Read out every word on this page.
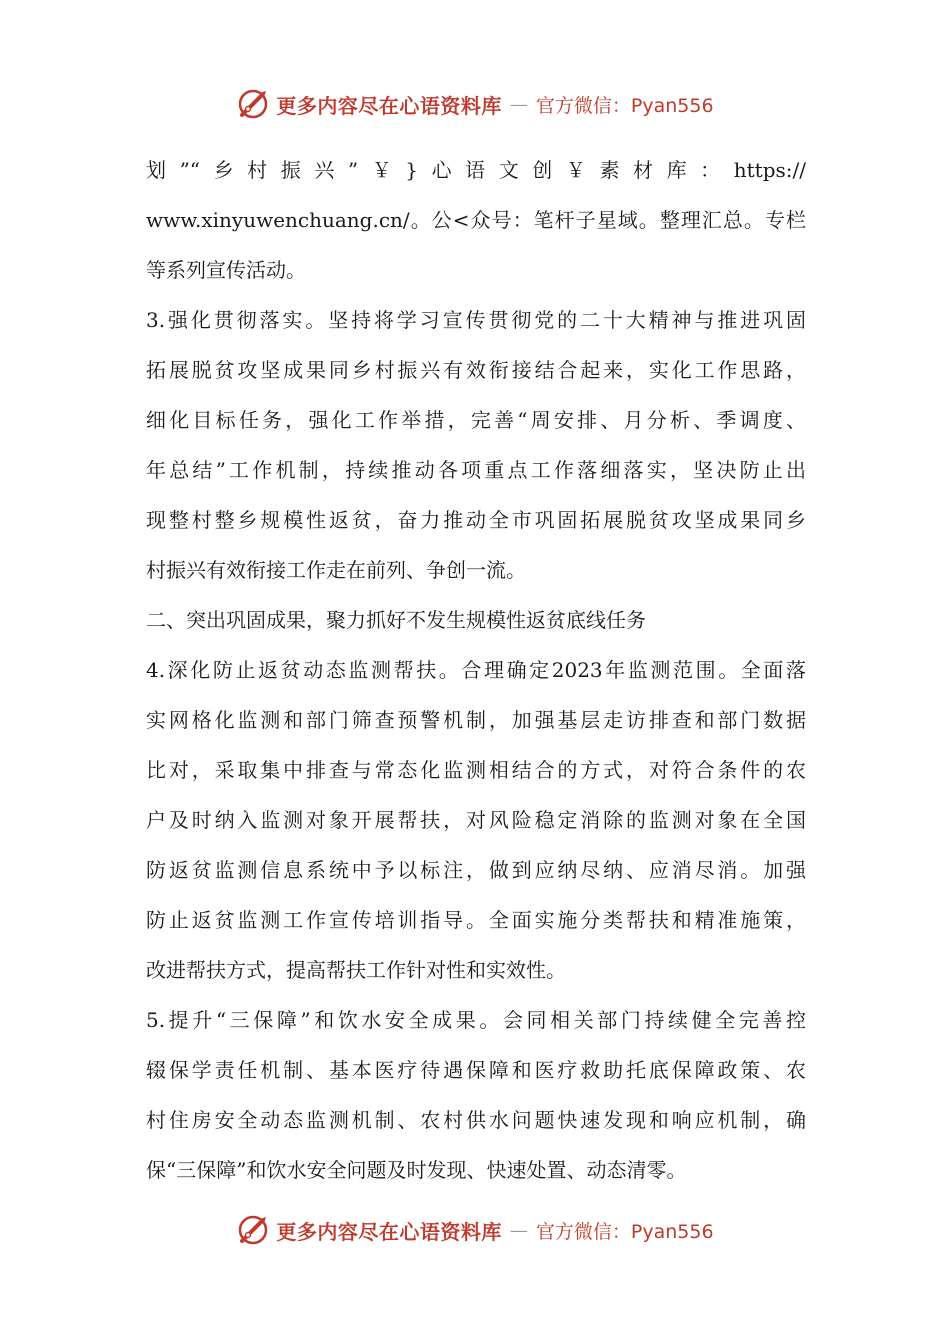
更多内容尽在心语资料库 — 官方微信：Pyan556
划”“乡村振兴”￥}心语文创￥素材库：https://
www.xinyuwenchuang.cn/。公<众号：笔杆子星域。整理汇总。专栏
等系列宣传活动。
3.强化贯彻落实。坚持将学习宣传贯彻党的二十大精神与推进巩固
拓展脱贫攻坚成果同乡村振兴有效衔接结合起来，实化工作思路，
细化目标任务，强化工作举措，完善“周安排、月分析、季调度、
年总结”工作机制，持续推动各项重点工作落细落实，坚决防止出
现整村整乡规模性返贫，奋力推动全市巩固拓展脱贫攻坚成果同乡
村振兴有效衔接工作走在前列、争创一流。
二、突出巩固成果，聚力抓好不发生规模性返贫底线任务
4.深化防止返贫动态监测帮扶。合理确定2023年监测范围。全面落
实网格化监测和部门筛查预警机制，加强基层走访排查和部门数据
比对，采取集中排查与常态化监测相结合的方式，对符合条件的农
户及时纳入监测对象开展帮扶，对风险稳定消除的监测对象在全国
防返贫监测信息系统中予以标注，做到应纳尽纳、应消尽消。加强
防止返贫监测工作宣传培训指导。全面实施分类帮扶和精准施策，
改进帮扶方式，提高帮扶工作针对性和实效性。
5.提升“三保障”和饮水安全成果。会同相关部门持续健全完善控
辍保学责任机制、基本医疗待遇保障和医疗救助托底保障政策、农
村住房安全动态监测机制、农村供水问题快速发现和响应机制，确
保“三保障”和饮水安全问题及时发现、快速处置、动态清零。
更多内容尽在心语资料库 — 官方微信：Pyan556
